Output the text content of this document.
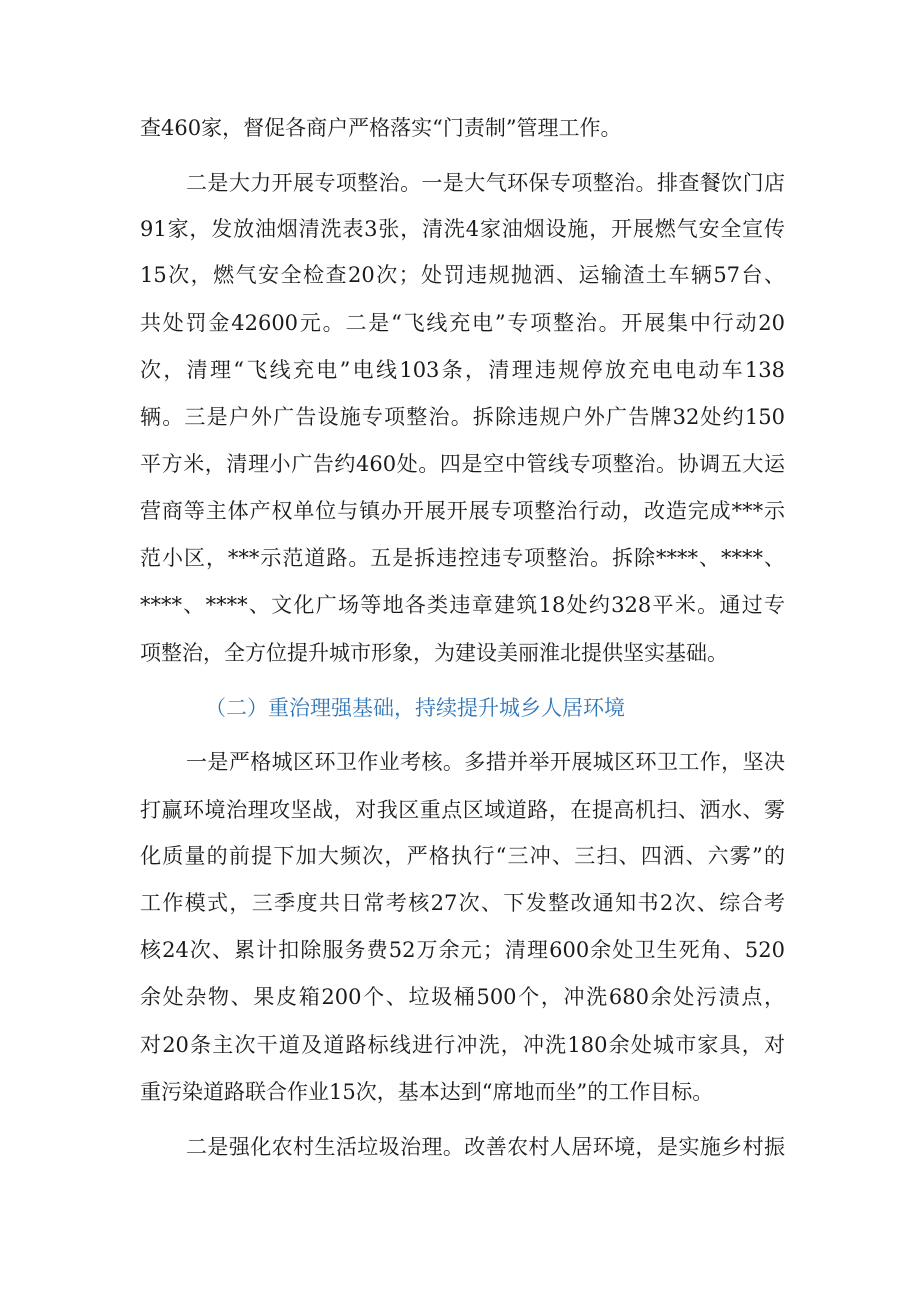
查460家，督促各商户严格落实“门责制”管理工作。

二是大力开展专项整治。一是大气环保专项整治。排查餐饮门店

91家，发放油烟清洗表3张，清洗4家油烟设施，开展燃气安全宣传

15次，燃气安全检查20次；处罚违规抛洒、运输渣土车辆57台、

共处罚金42600元。二是“飞线充电”专项整治。开展集中行动20

次，清理“飞线充电”电线103条，清理违规停放充电电动车138

辆。三是户外广告设施专项整治。拆除违规户外广告牌32处约150

平方米，清理小广告约460处。四是空中管线专项整治。协调五大运

营商等主体产权单位与镇办开展开展专项整治行动，改造完成***示

范小区，***示范道路。五是拆违控违专项整治。拆除****、****、

****、****、文化广场等地各类违章建筑18处约328平米。通过专

项整治，全方位提升城市形象，为建设美丽淮北提供坚实基础。

（二）重治理强基础，持续提升城乡人居环境

一是严格城区环卫作业考核。多措并举开展城区环卫工作，坚决

打赢环境治理攻坚战，对我区重点区域道路，在提高机扫、洒水、雾

化质量的前提下加大频次，严格执行“三冲、三扫、四洒、六雾”的

工作模式，三季度共日常考核27次、下发整改通知书2次、综合考

核24次、累计扣除服务费52万余元；清理600余处卫生死角、520

余处杂物、果皮箱200个、垃圾桶500个，冲洗680余处污渍点，

对20条主次干道及道路标线进行冲洗，冲洗180余处城市家具，对

重污染道路联合作业15次，基本达到“席地而坐”的工作目标。

二是强化农村生活垃圾治理。改善农村人居环境，是实施乡村振
